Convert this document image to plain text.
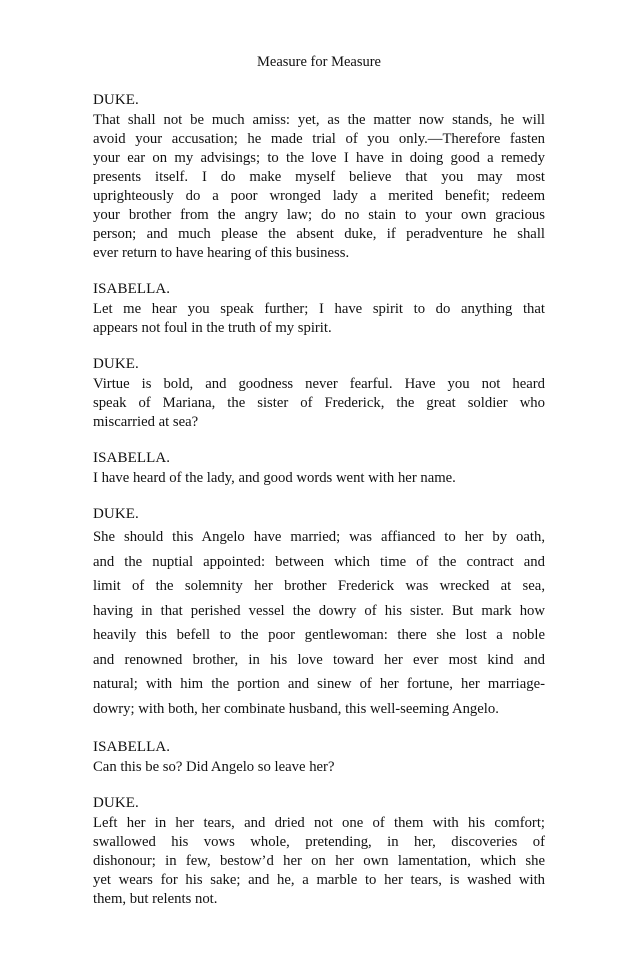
Measure for Measure
DUKE.
That shall not be much amiss: yet, as the matter now stands, he will
avoid your accusation; he made trial of you only.—Therefore fasten
your ear on my advisings; to the love I have in doing good a remedy
presents itself. I do make myself believe that you may most
uprighteously do a poor wronged lady a merited benefit; redeem
your brother from the angry law; do no stain to your own gracious
person; and much please the absent duke, if peradventure he shall
ever return to have hearing of this business.
ISABELLA.
Let me hear you speak further; I have spirit to do anything that
appears not foul in the truth of my spirit.
DUKE.
Virtue is bold, and goodness never fearful. Have you not heard
speak of Mariana, the sister of Frederick, the great soldier who
miscarried at sea?
ISABELLA.
I have heard of the lady, and good words went with her name.
DUKE.
She should this Angelo have married; was affianced to her by oath,
and the nuptial appointed: between which time of the contract and
limit of the solemnity her brother Frederick was wrecked at sea,
having in that perished vessel the dowry of his sister. But mark how
heavily this befell to the poor gentlewoman: there she lost a noble
and renowned brother, in his love toward her ever most kind and
natural; with him the portion and sinew of her fortune, her marriage-
dowry; with both, her combinate husband, this well-seeming Angelo.
ISABELLA.
Can this be so? Did Angelo so leave her?
DUKE.
Left her in her tears, and dried not one of them with his comfort;
swallowed his vows whole, pretending, in her, discoveries of
dishonour; in few, bestow’d her on her own lamentation, which she
yet wears for his sake; and he, a marble to her tears, is washed with
them, but relents not.
